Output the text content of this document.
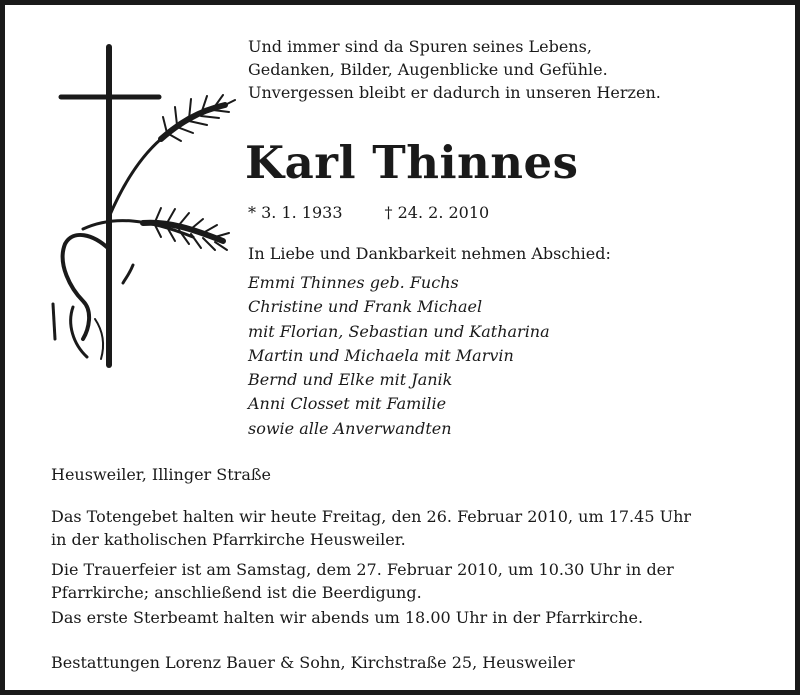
Und immer sind da Spuren seines Lebens,
Gedanken, Bilder, Augenblicke und Gefühle.
Unvergessen bleibt er dadurch in unseren Herzen.
Karl Thinnes
* 3. 1. 1933	† 24. 2. 2010
In Liebe und Dankbarkeit nehmen Abschied:
Emmi Thinnes geb. Fuchs
Christine und Frank Michael
mit Florian, Sebastian und Katharina
Martin und Michaela mit Marvin
Bernd und Elke mit Janik
Anni Closset mit Familie
sowie alle Anverwandten
Heusweiler, Illinger Straße
Das Totengebet halten wir heute Freitag, den 26. Februar 2010, um 17.45 Uhr
in der katholischen Pfarrkirche Heusweiler.
Die Trauerfeier ist am Samstag, dem 27. Februar 2010, um 10.30 Uhr in der
Pfarrkirche; anschließend ist die Beerdigung.
Das erste Sterbeamt halten wir abends um 18.00 Uhr in der Pfarrkirche.
Bestattungen Lorenz Bauer & Sohn, Kirchstraße 25, Heusweiler
